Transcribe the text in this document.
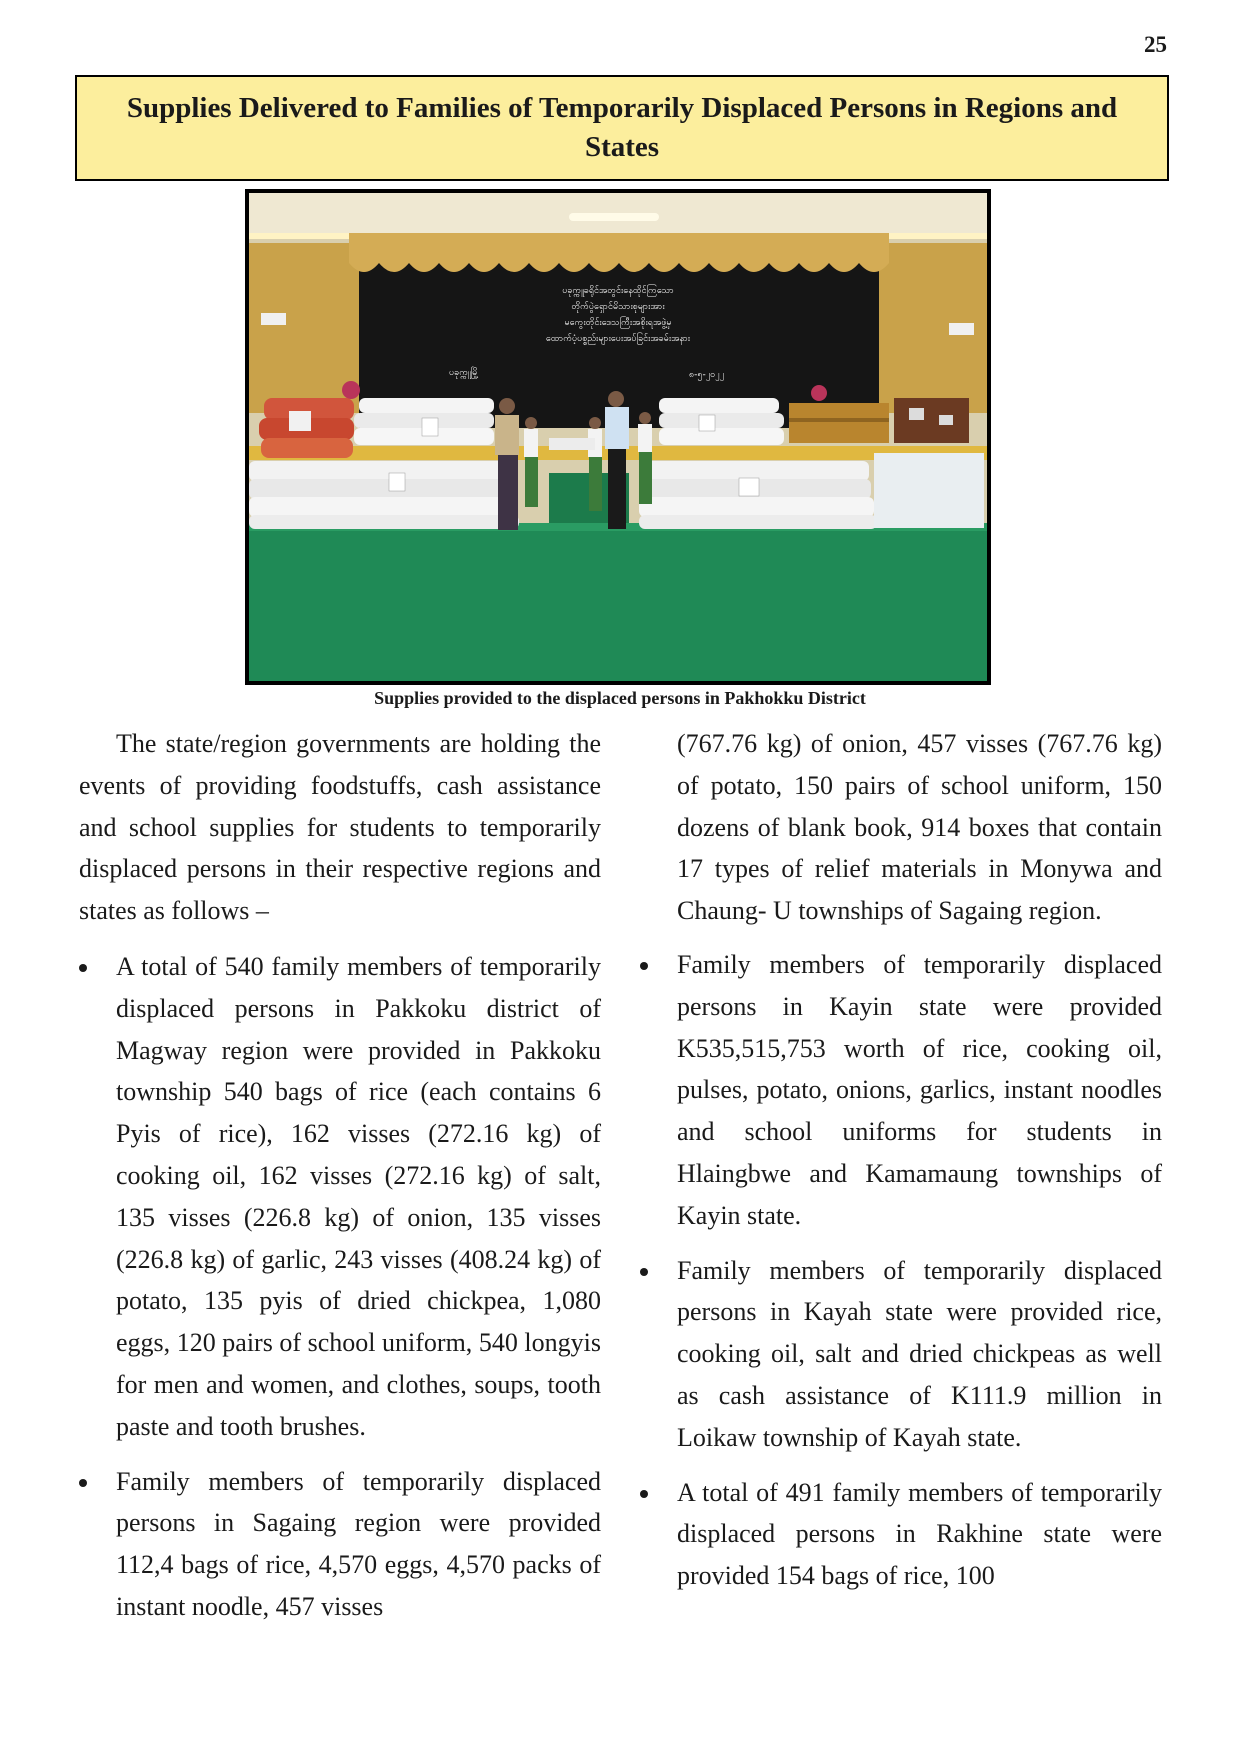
25
Supplies Delivered to Families of Temporarily Displaced Persons in Regions and States
ပခုက္ကူခရိုင်အတွင်းနေထိုင်ကြသော
တိုက်ပွဲရှောင်မိသားစုများအား
မကွေးတိုင်းဒေသကြီးအစိုးရအဖွဲ့မှ
ထောက်ပံ့ပစ္စည်းများပေးအပ်ခြင်းအခမ်းအနား
ပခုက္ကူမြို့	၈-၅-၂၀၂၂
Supplies provided to the displaced persons in Pakhokku District

The state/region governments are holding the events of providing foodstuffs, cash assistance and school supplies for students to temporarily displaced persons in their respective regions and states as follows –

A total of 540 family members of temporarily displaced persons in Pakkoku district of Magway region were provided in Pakkoku township 540 bags of rice (each contains 6 Pyis of rice), 162 visses (272.16 kg) of cooking oil, 162 visses (272.16 kg) of salt, 135 visses (226.8 kg) of onion, 135 visses (226.8 kg) of garlic, 243 visses (408.24 kg) of potato, 135 pyis of dried chickpea, 1,080 eggs, 120 pairs of school uniform, 540 longyis for men and women, and clothes, soups, tooth paste and tooth brushes.
Family members of temporarily displaced persons in Sagaing region were provided 112,4 bags of rice, 4,570 eggs, 4,570 packs of instant noodle, 457 visses

(767.76 kg) of onion, 457 visses (767.76 kg) of potato, 150 pairs of school uniform, 150 dozens of blank book, 914 boxes that contain 17 types of relief materials in Monywa and Chaung- U townships of Sagaing region.

Family members of temporarily displaced persons in Kayin state were provided K535,515,753 worth of rice, cooking oil, pulses, potato, onions, garlics, instant noodles and school uniforms for students in Hlaingbwe and Kamamaung townships of Kayin state.
Family members of temporarily displaced persons in Kayah state were provided rice, cooking oil, salt and dried chickpeas as well as cash assistance of K111.9 million in Loikaw township of Kayah state.
A total of 491 family members of temporarily displaced persons in Rakhine state were provided 154 bags of rice, 100
